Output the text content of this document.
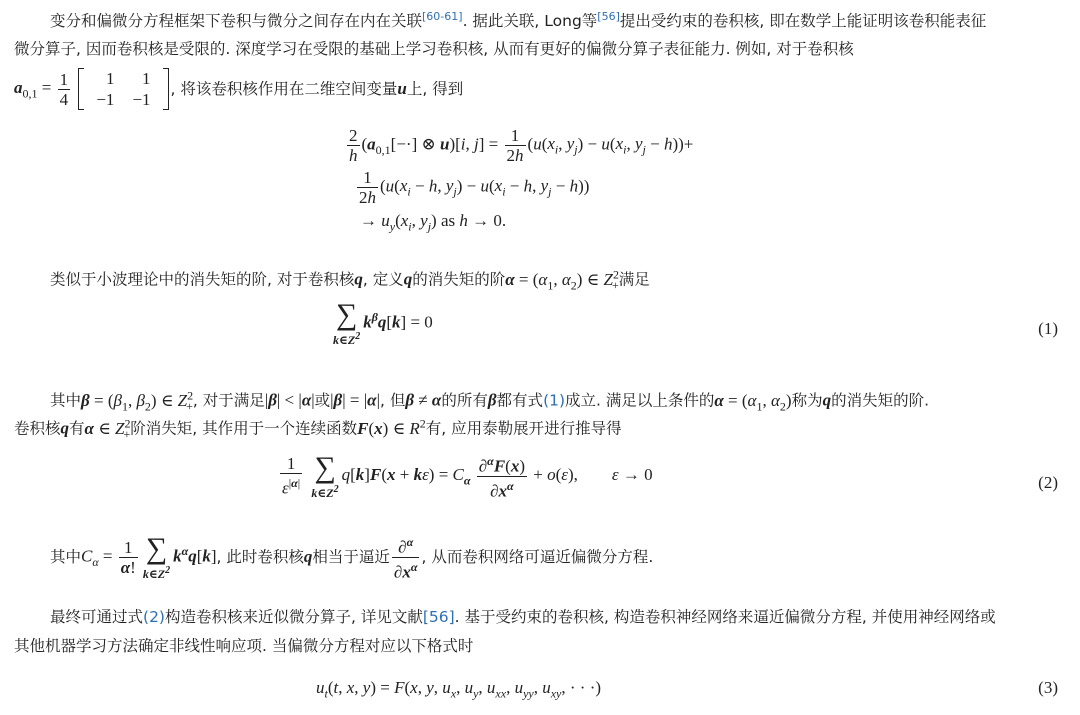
变分和偏微分方程框架下卷积与微分之间存在内在关联[60-61]. 据此关联, Long等[56]提出受约束的卷积核, 即在数学上能证明该卷积能表征
微分算子, 因而卷积核是受限的. 深度学习在受限的基础上学习卷积核, 从而有更好的偏微分算子表征能力. 例如, 对于卷积核
$a_{0,1} = \frac{1}{4}$
1	1
−1	−1
, 将该卷积核作用在二维空间变量 u 上, 得到
$\frac{2}{h} (a_{0,1}[-\cdot]$ ⊗ u)[i, $j] = \frac{1}{2h} (u(x_i$, $y_j) - u(x_i$, $y_j - h))+$
$\frac{1}{2h} (u(x_i - h$, $y_j) - u(x_i - h$, $y_j - h$))
→ $u_y(x_i$, $y_j$) as h → 0.
类似于小波理论中的消失矩的阶, 对于卷积核q, 定义q的消失矩的阶$\alpha = (\alpha_1$, $\alpha_2$) ∈ $Z^2_+$满足
∑
$k\in Z^2$
$k^\beta q[k] = 0$	(1)
其中$\beta = (\beta_1$, $\beta_2$) ∈ $Z^2_+$, 对于满足|β| < |α|或|β| = |α|, 但β ≠ α的所有β都有式(1)成立. 满足以上条件的$\alpha = (\alpha_1$, $\alpha_2$)称为q的消失矩的阶.
卷积核q有α ∈ $Z^2_+$阶消失矩, 其作用于一个连续函数F(x) ∈ $R^2$有, 应用泰勒展开进行推导得
$\frac{1}{\varepsilon^{|\alpha|}}$
∑
$k\in Z^2$
$q[k]F(x + k\varepsilon) = C_\alpha \frac{\partial^\alpha F(x)}{\partial x^\alpha} + o(\varepsilon)$,        ε → 0	(2)
其中 $C_\alpha = \frac{1}{\alpha!}$ ∑
$k\in Z^2$
$k^\alpha q[k]$ , 此时卷积核 q 相当于逼近 $\frac{\partial^\alpha}{\partial x^\alpha}$ , 从而卷积网络可逼近偏微分方程.
最终可通过式(2)构造卷积核来近似微分算子, 详见文献[56]. 基于受约束的卷积核, 构造卷积神经网络来逼近偏微分方程, 并使用神经网络或
其他机器学习方法确定非线性响应项. 当偏微分方程对应以下格式时
$u_t(t$, x, y) = F(x, y, $u_x$, $u_y$, $u_{xx}$, $u_{yy}$, $u_{xy}$, · · ·)	(3)
